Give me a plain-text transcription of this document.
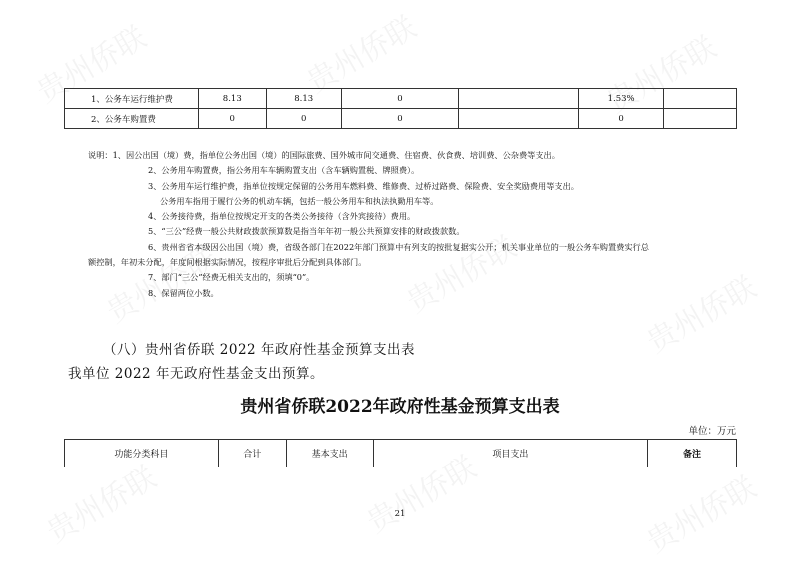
1、公务车运行维护费	8.13	8.13	0		1.53%	
2、公务车购置费	0	0	0		0	
说明：1、因公出国（境）费，指单位公务出国（境）的国际旅费、国外城市间交通费、住宿费、伙食费、培训费、公杂费等支出。
2、公务用车购置费，指公务用车车辆购置支出（含车辆购置税、牌照费）。
3、公务用车运行维护费，指单位按规定保留的公务用车燃料费、维修费、过桥过路费、保险费、安全奖励费用等支出。
公务用车指用于履行公务的机动车辆，包括一般公务用车和执法执勤用车等。
4、公务接待费，指单位按规定开支的各类公务接待（含外宾接待）费用。
5、“三公”经费一般公共财政拨款预算数是指当年年初一般公共预算安排的财政拨款数。
6、贵州省省本级因公出国（境）费，省级各部门在2022年部门预算中有列支的按批复据实公开；机关事业单位的一般公务车购置费实行总
额控制，年初未分配，年度间根据实际情况，按程序审批后分配到具体部门。
7、部门“三公”经费无相关支出的，须填“0”。
8、保留两位小数。
（八）贵州省侨联 2022 年政府性基金预算支出表
我单位 2022 年无政府性基金支出预算。
贵州省侨联2022年政府性基金预算支出表
单位：万元
功能分类科目	合计	基本支出	项目支出	备注
21
